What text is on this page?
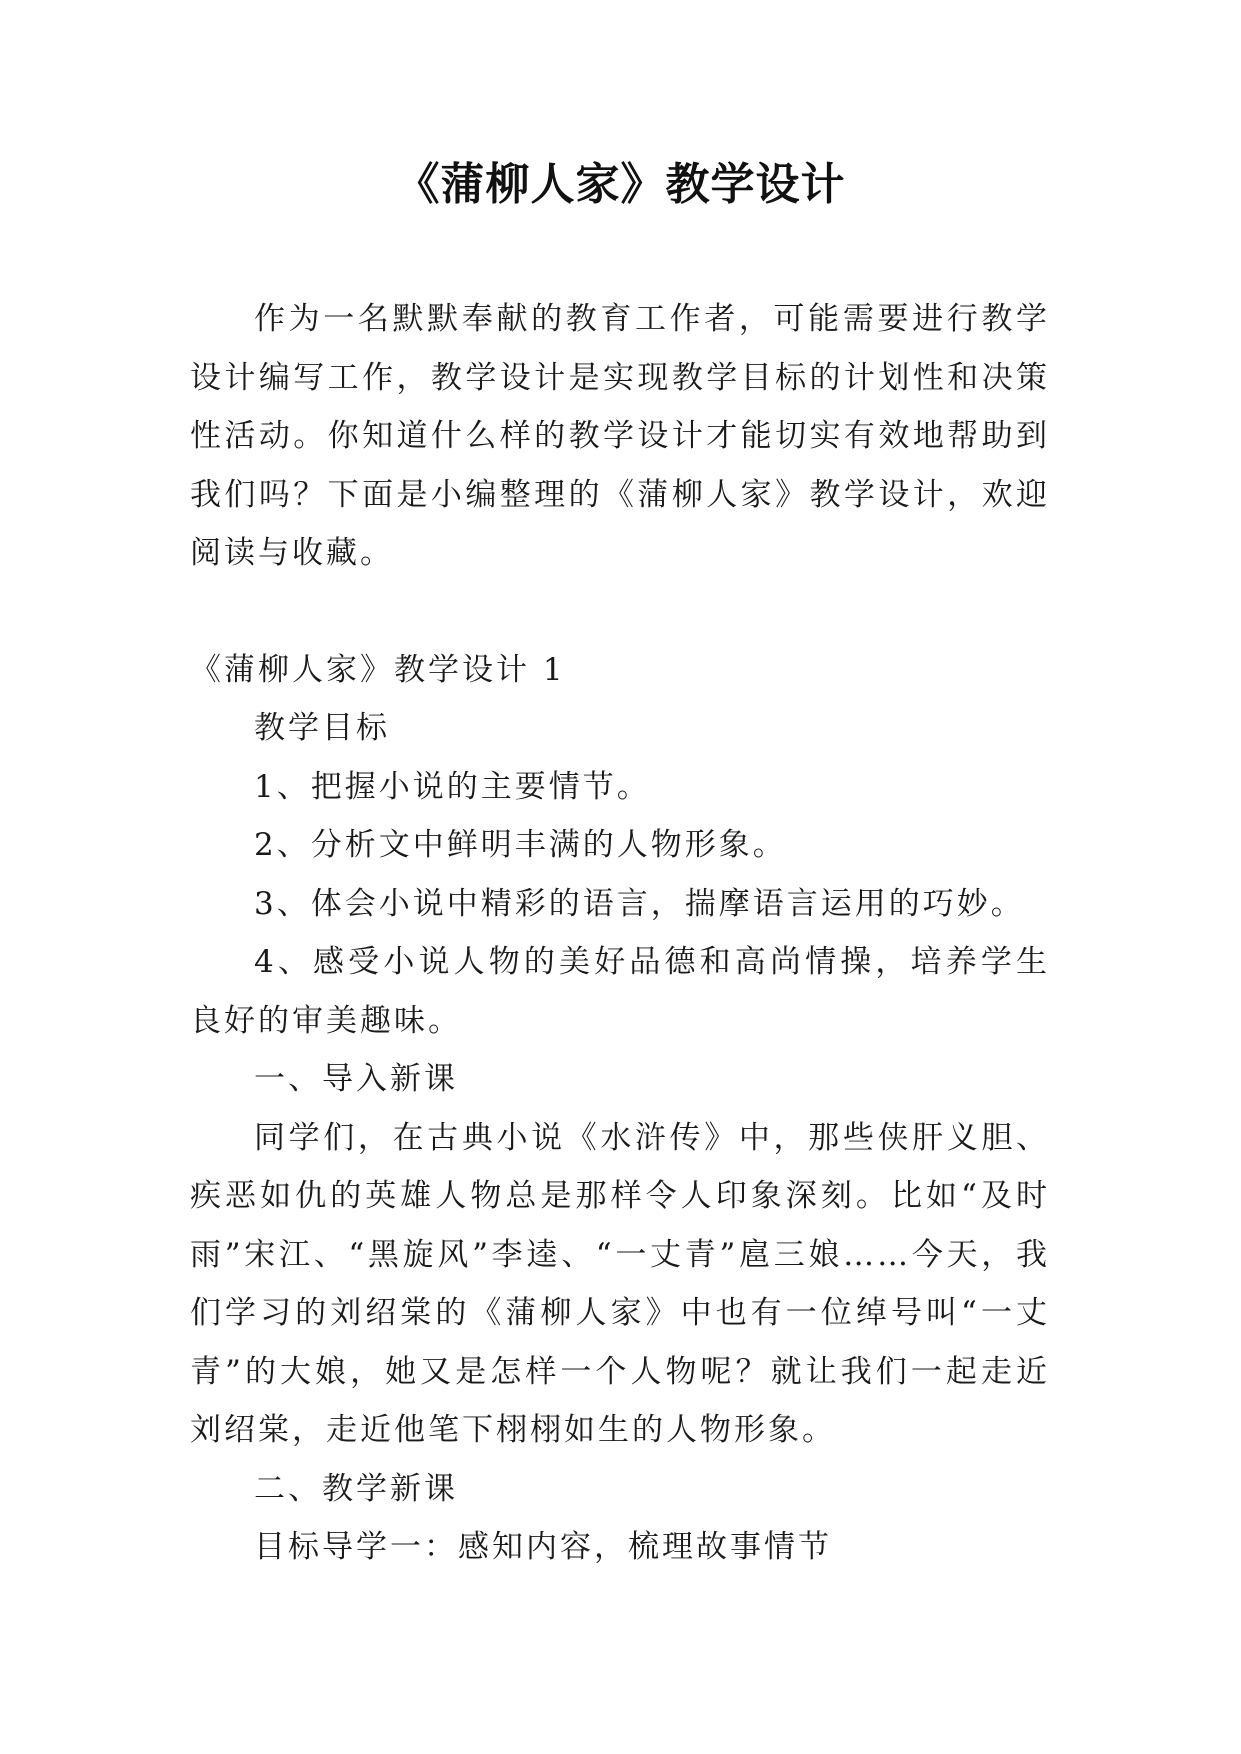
《蒲柳人家》教学设计
作为一名默默奉献的教育工作者，可能需要进行教学设计编写工作，教学设计是实现教学目标的计划性和决策性活动。你知道什么样的教学设计才能切实有效地帮助到我们吗？下面是小编整理的《蒲柳人家》教学设计，欢迎阅读与收藏。
《蒲柳人家》教学设计 1
教学目标
1、把握小说的主要情节。
2、分析文中鲜明丰满的人物形象。
3、体会小说中精彩的语言，揣摩语言运用的巧妙。
4、感受小说人物的美好品德和高尚情操，培养学生良好的审美趣味。
一、导入新课
同学们，在古典小说《水浒传》中，那些侠肝义胆、疾恶如仇的英雄人物总是那样令人印象深刻。比如“及时雨”宋江、“黑旋风”李逵、“一丈青”扈三娘……今天，我们学习的刘绍棠的《蒲柳人家》中也有一位绰号叫“一丈青”的大娘，她又是怎样一个人物呢？就让我们一起走近刘绍棠，走近他笔下栩栩如生的人物形象。
二、教学新课
目标导学一：感知内容，梳理故事情节
